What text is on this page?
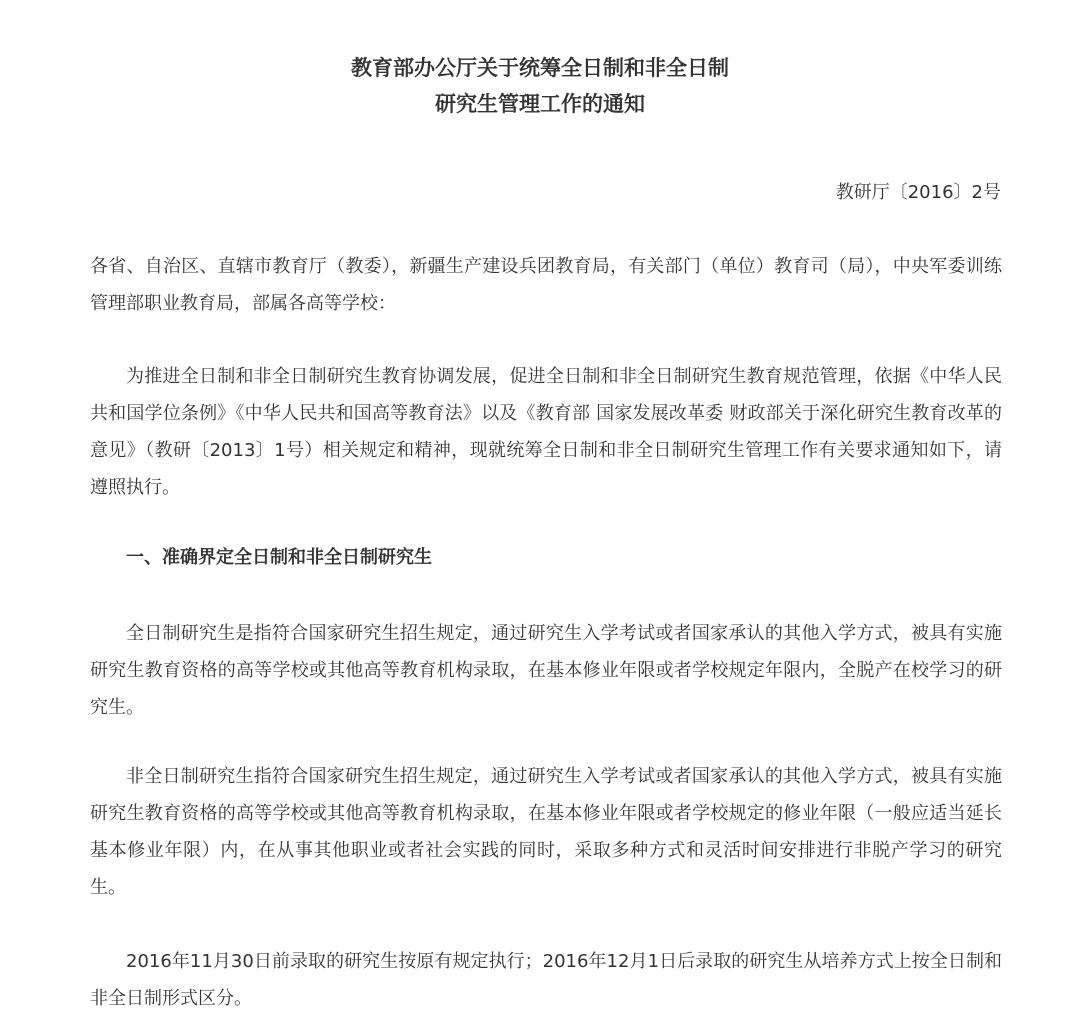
教育部办公厅关于统筹全日制和非全日制
研究生管理工作的通知
教研厅〔2016〕2号

各省、自治区、直辖市教育厅（教委），新疆生产建设兵团教育局，有关部门（单位）教育司（局），中央军委训练管理部职业教育局，部属各高等学校：

为推进全日制和非全日制研究生教育协调发展，促进全日制和非全日制研究生教育规范管理，依据《中华人民共和国学位条例》《中华人民共和国高等教育法》以及《教育部 国家发展改革委 财政部关于深化研究生教育改革的意见》（教研〔2013〕1号）相关规定和精神，现就统筹全日制和非全日制研究生管理工作有关要求通知如下，请遵照执行。

一、准确界定全日制和非全日制研究生

全日制研究生是指符合国家研究生招生规定，通过研究生入学考试或者国家承认的其他入学方式，被具有实施研究生教育资格的高等学校或其他高等教育机构录取，在基本修业年限或者学校规定年限内，全脱产在校学习的研究生。

非全日制研究生指符合国家研究生招生规定，通过研究生入学考试或者国家承认的其他入学方式，被具有实施研究生教育资格的高等学校或其他高等教育机构录取，在基本修业年限或者学校规定的修业年限（一般应适当延长基本修业年限）内，在从事其他职业或者社会实践的同时，采取多种方式和灵活时间安排进行非脱产学习的研究生。

2016年11月30日前录取的研究生按原有规定执行；2016年12月1日后录取的研究生从培养方式上按全日制和非全日制形式区分。
